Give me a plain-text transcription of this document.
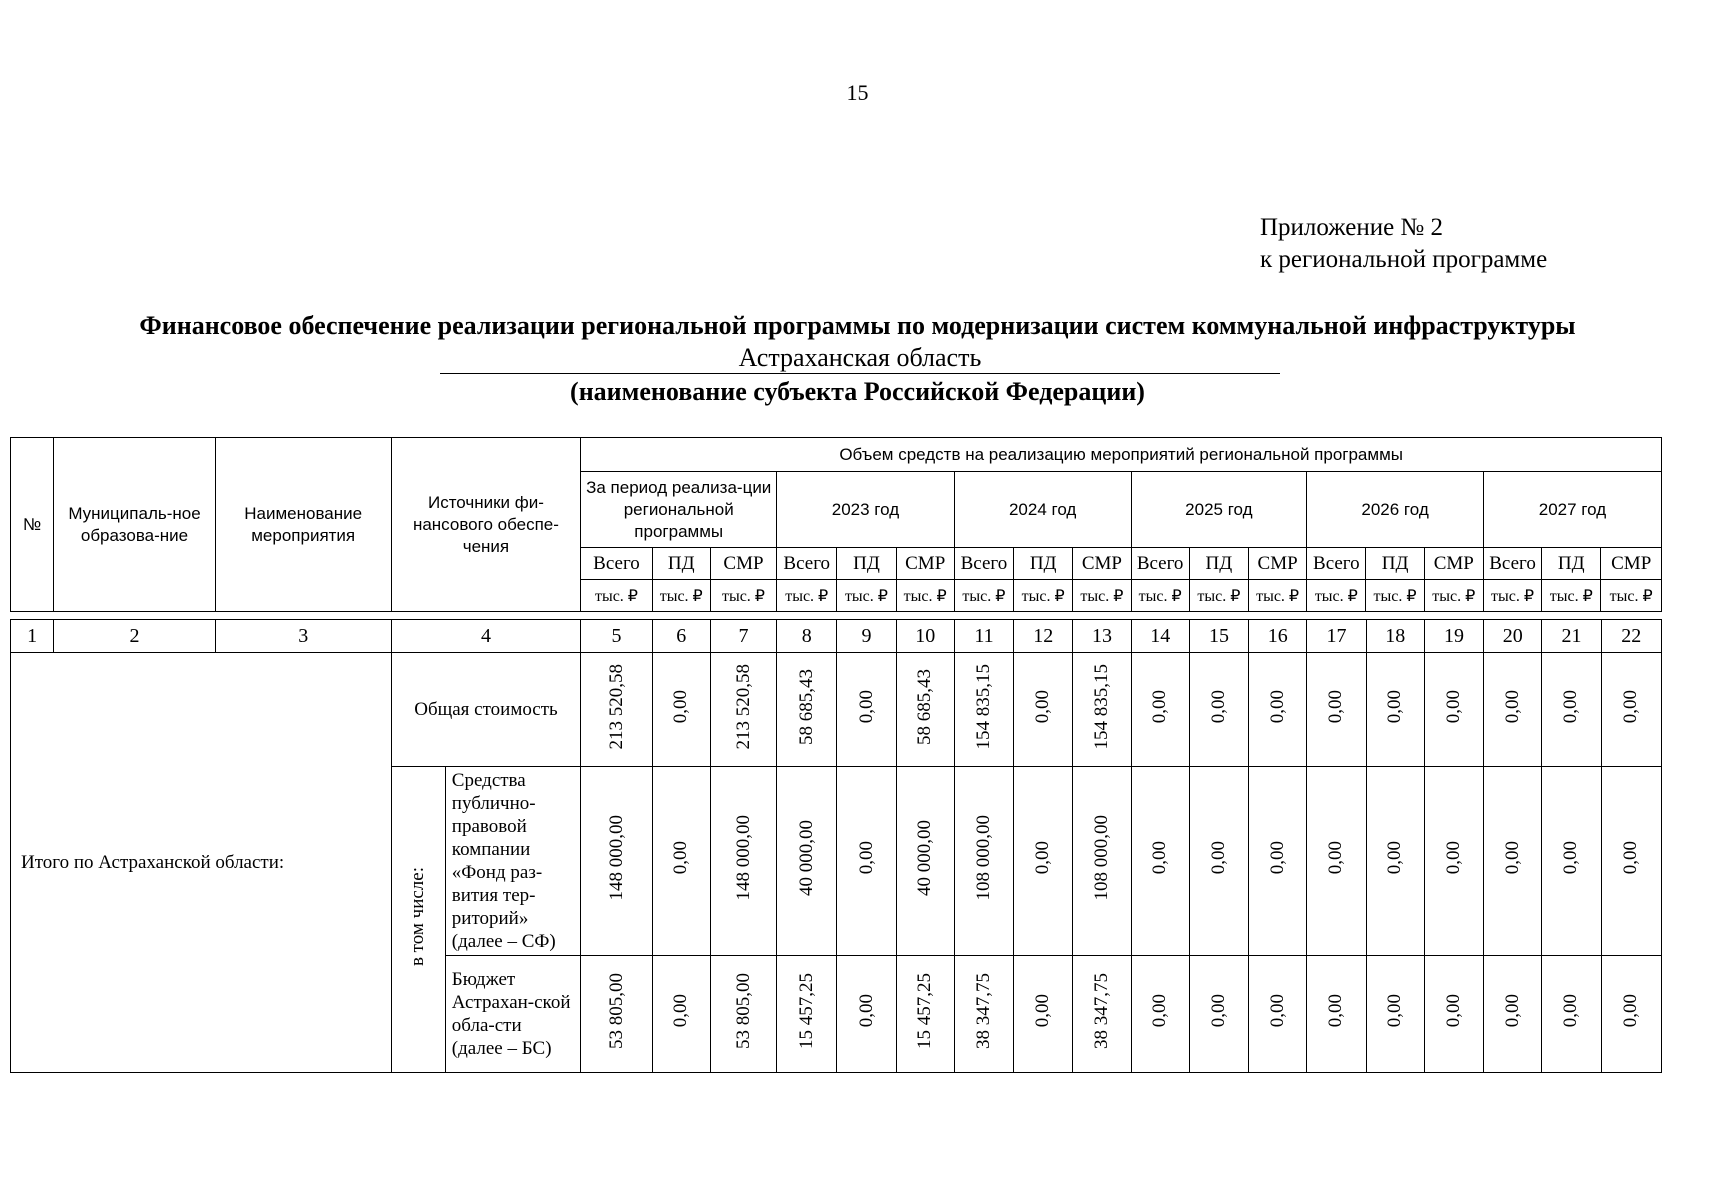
15
Приложение № 2
к региональной программе
Финансовое обеспечение реализации региональной программы по модернизации систем коммунальной инфраструктуры
Астраханская область
(наименование субъекта Российской Федерации)
№	Муниципаль-ное образова-ние	Наименование мероприятия	Источники фи-нансового обеспе-чения	Объем средств на реализацию мероприятий региональной программы																	
				За период реализа-ции региональной программы			2023 год			2024 год			2025 год			2026 год			2027 год		
				Всего	ПД	СМР	Всего	ПД	СМР	Всего	ПД	СМР	Всего	ПД	СМР	Всего	ПД	СМР	Всего	ПД	СМР
				тыс. ₽	тыс. ₽	тыс. ₽	тыс. ₽	тыс. ₽	тыс. ₽	тыс. ₽	тыс. ₽	тыс. ₽	тыс. ₽	тыс. ₽	тыс. ₽	тыс. ₽	тыс. ₽	тыс. ₽	тыс. ₽	тыс. ₽	тыс. ₽
1	2	3	4		5	6	7	8	9	10	11	12	13	14	15	16	17	18	19	20	21	22
Итого по Астраханской области:			Общая стоимость		213 520,58	0,00	213 520,58	58 685,43	0,00	58 685,43	154 835,15	0,00	154 835,15	0,00	0,00	0,00	0,00	0,00	0,00	0,00	0,00	0,00
			в том числе:	Средства публично-правовой компании «Фонд раз-вития тер-риторий» (далее – СФ)	148 000,00	0,00	148 000,00	40 000,00	0,00	40 000,00	108 000,00	0,00	108 000,00	0,00	0,00	0,00	0,00	0,00	0,00	0,00	0,00	0,00
				Бюджет Астрахан-ской обла-сти (далее – БС)	53 805,00	0,00	53 805,00	15 457,25	0,00	15 457,25	38 347,75	0,00	38 347,75	0,00	0,00	0,00	0,00	0,00	0,00	0,00	0,00	0,00
